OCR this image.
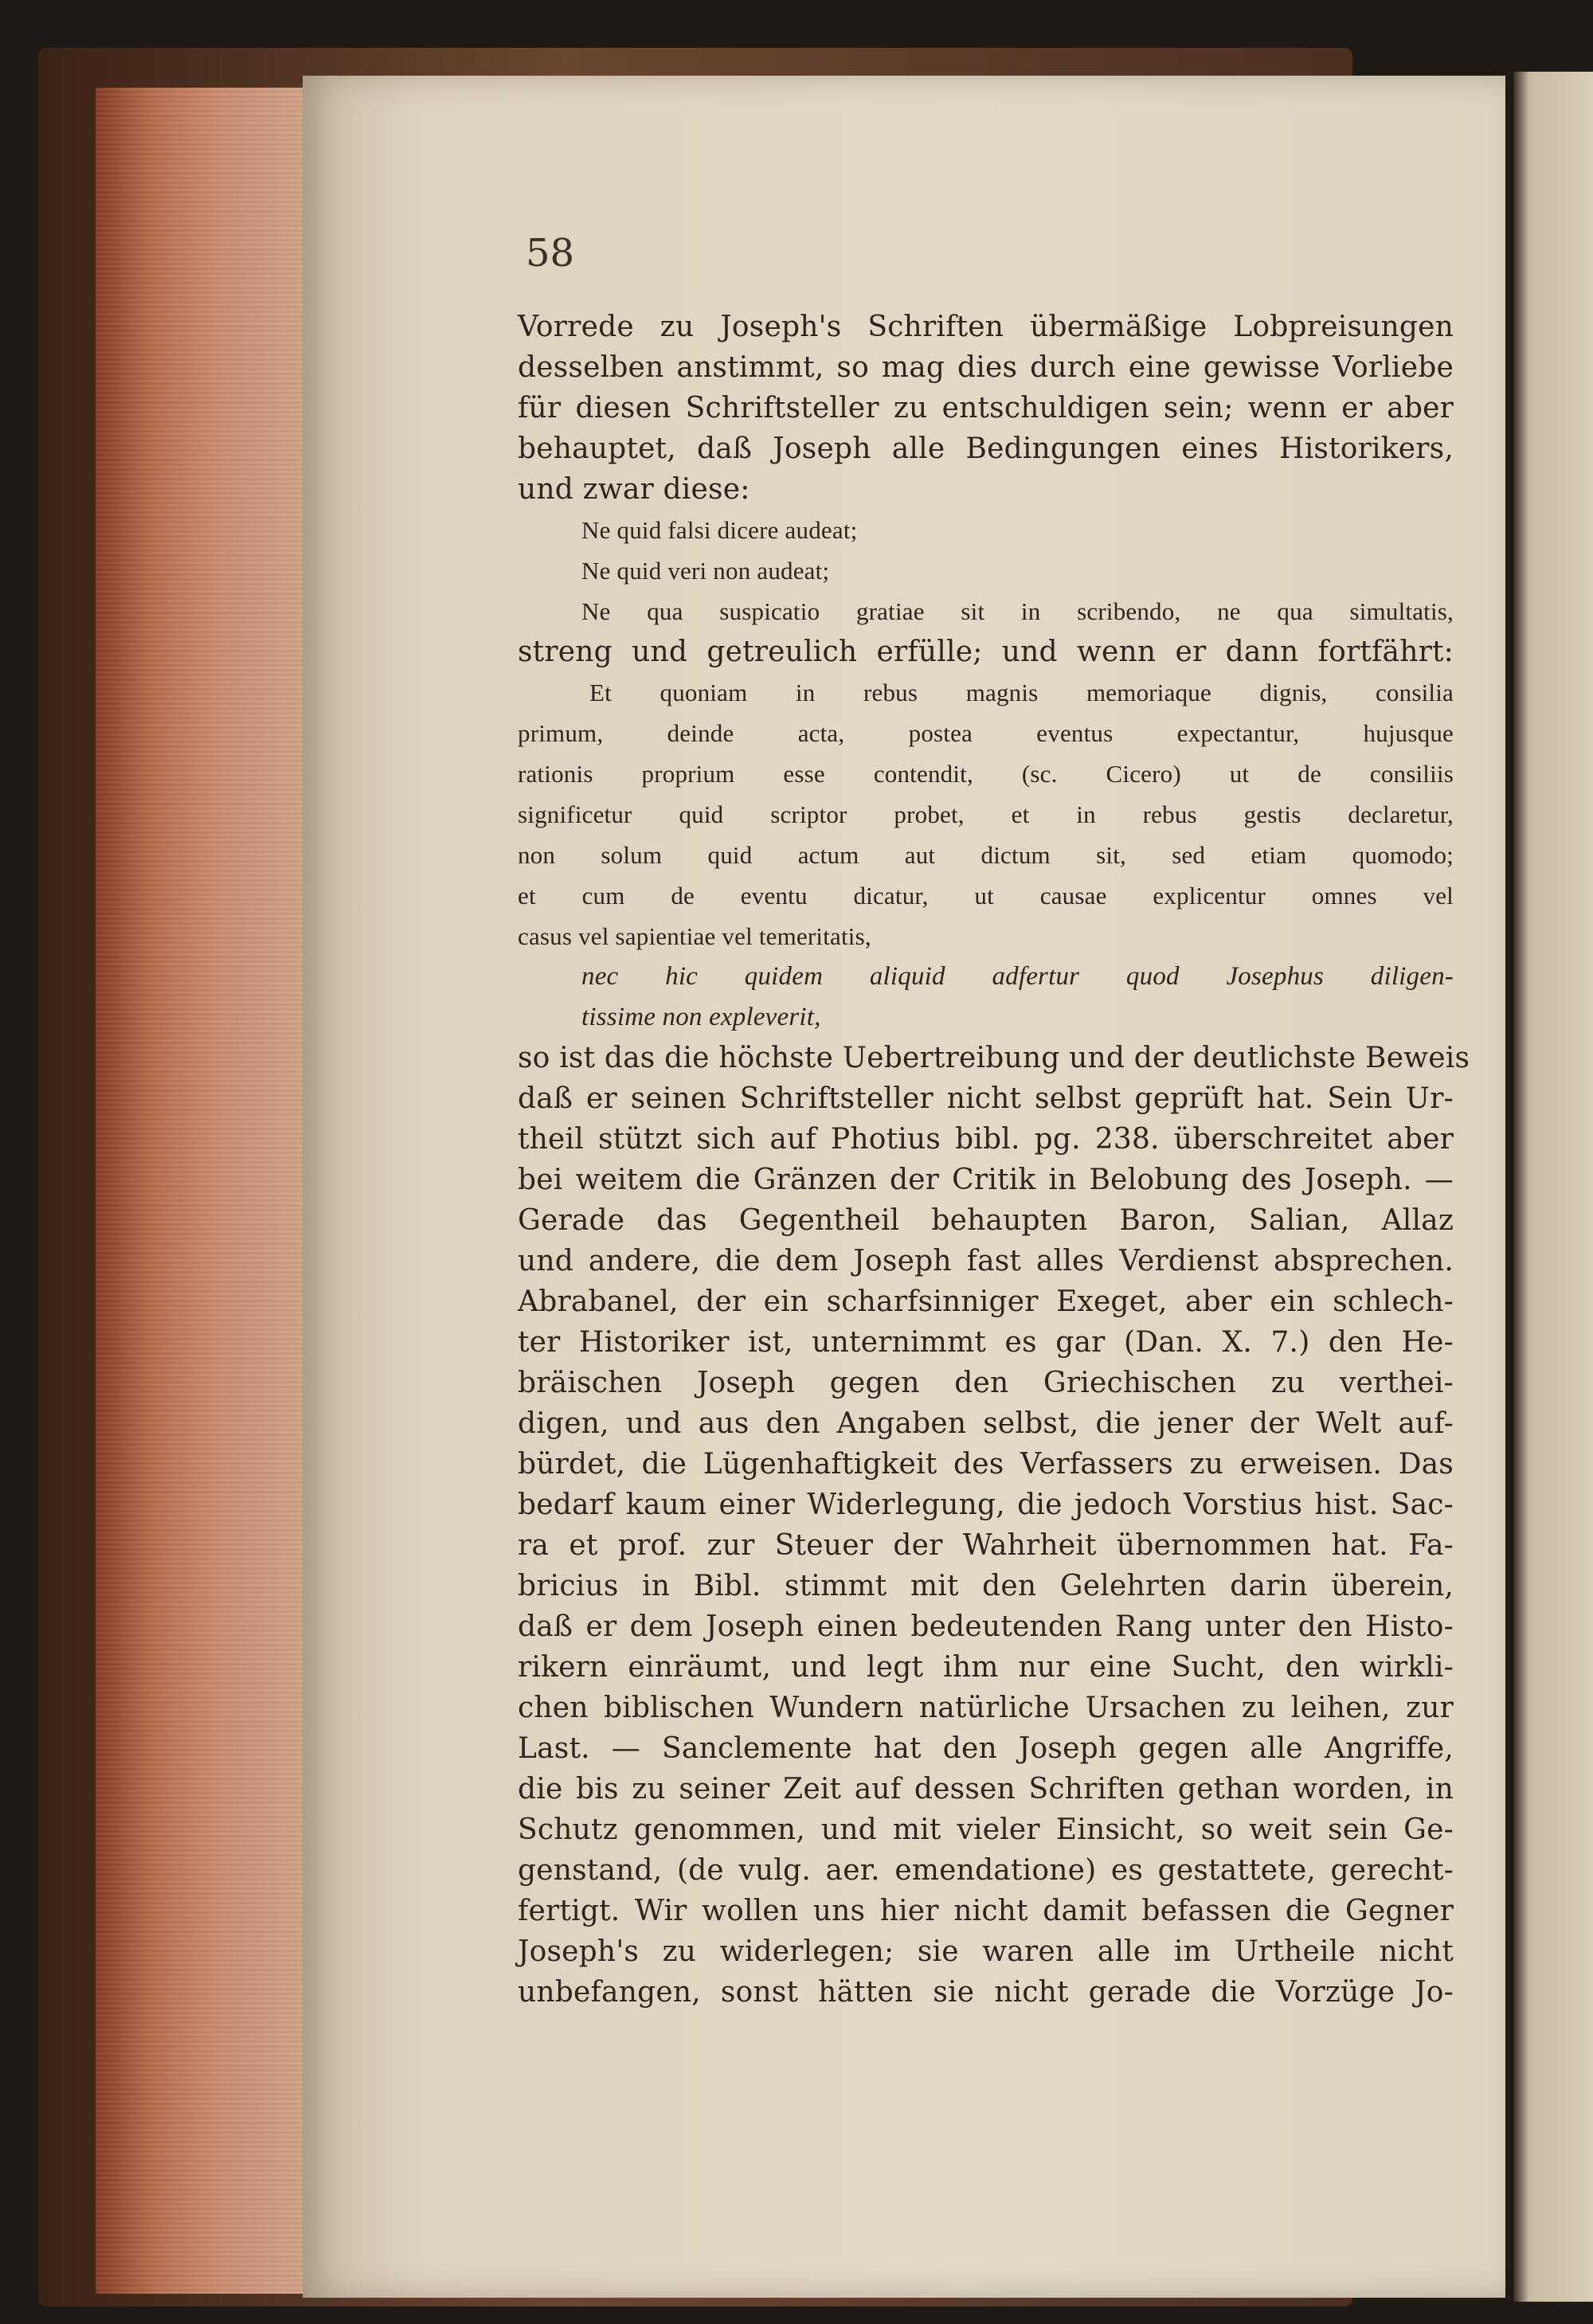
58
Vorrede zu Joseph's Schriften übermäßige Lobpreisungen
desselben anstimmt, so mag dies durch eine gewisse Vorliebe
für diesen Schriftsteller zu entschuldigen sein; wenn er aber
behauptet, daß Joseph alle Bedingungen eines Historikers,
und zwar diese:
Ne quid falsi dicere audeat;
Ne quid veri non audeat;
Ne qua suspicatio gratiae sit in scribendo, ne qua simultatis,
streng und getreulich erfülle; und wenn er dann fortfährt:
Et quoniam in rebus magnis memoriaque dignis, consilia
primum, deinde acta, postea eventus expectantur, hujusque
rationis proprium esse contendit, (sc. Cicero) ut de consiliis
significetur quid scriptor probet, et in rebus gestis declaretur,
non solum quid actum aut dictum sit, sed etiam quomodo;
et cum de eventu dicatur, ut causae explicentur omnes vel
casus vel sapientiae vel temeritatis,
nec hic quidem aliquid adfertur quod Josephus diligen-
tissime non expleverit,
so ist das die höchste Uebertreibung und der deutlichste Beweis
daß er seinen Schriftsteller nicht selbst geprüft hat. Sein Ur-
theil stützt sich auf Photius bibl. pg. 238. überschreitet aber
bei weitem die Gränzen der Critik in Belobung des Joseph. —
Gerade das Gegentheil behaupten Baron, Salian, Allaz
und andere, die dem Joseph fast alles Verdienst absprechen.
Abrabanel, der ein scharfsinniger Exeget, aber ein schlech-
ter Historiker ist, unternimmt es gar (Dan. X. 7.) den He-
bräischen Joseph gegen den Griechischen zu verthei-
digen, und aus den Angaben selbst, die jener der Welt auf-
bürdet, die Lügenhaftigkeit des Verfassers zu erweisen. Das
bedarf kaum einer Widerlegung, die jedoch Vorstius hist. Sac-
ra et prof. zur Steuer der Wahrheit übernommen hat. Fa-
bricius in Bibl. stimmt mit den Gelehrten darin überein,
daß er dem Joseph einen bedeutenden Rang unter den Histo-
rikern einräumt, und legt ihm nur eine Sucht, den wirkli-
chen biblischen Wundern natürliche Ursachen zu leihen, zur
Last. — Sanclemente hat den Joseph gegen alle Angriffe,
die bis zu seiner Zeit auf dessen Schriften gethan worden, in
Schutz genommen, und mit vieler Einsicht, so weit sein Ge-
genstand, (de vulg. aer. emendatione) es gestattete, gerecht-
fertigt. Wir wollen uns hier nicht damit befassen die Gegner
Joseph's zu widerlegen; sie waren alle im Urtheile nicht
unbefangen, sonst hätten sie nicht gerade die Vorzüge Jo-
